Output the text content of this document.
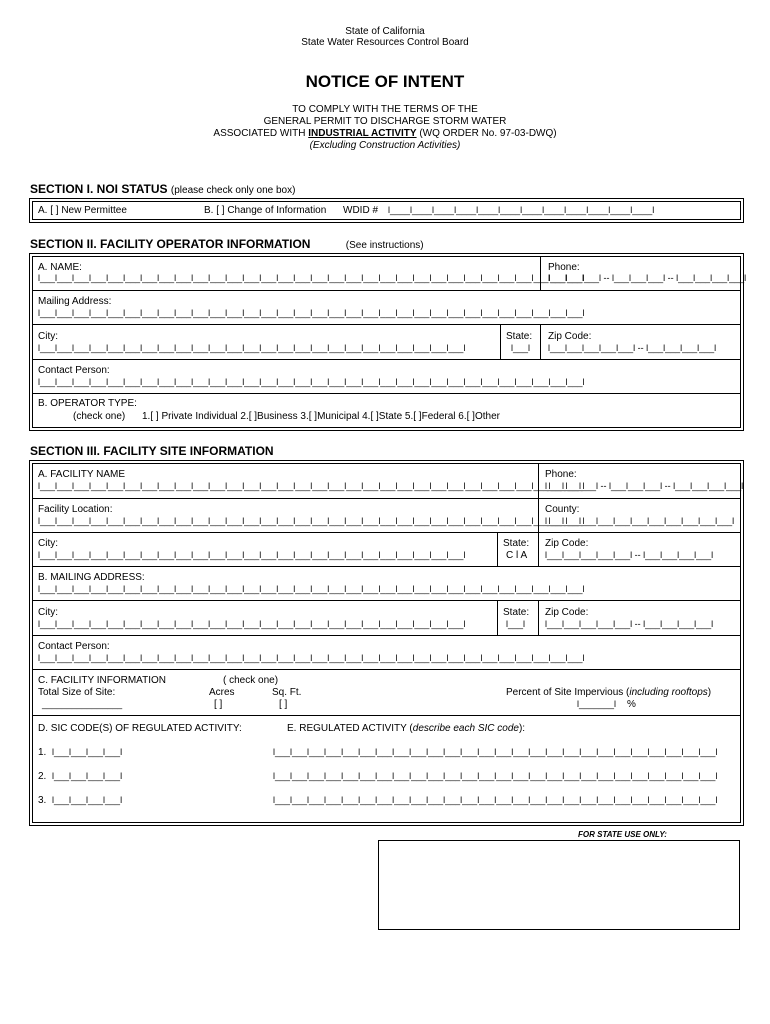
State of California
State Water Resources Control Board
NOTICE OF INTENT
TO COMPLY WITH THE TERMS OF THE
GENERAL PERMIT TO DISCHARGE STORM WATER
ASSOCIATED WITH INDUSTRIAL ACTIVITY (WQ ORDER No. 97-03-DWQ)
(Excluding Construction Activities)
SECTION I. NOI STATUS (please check only one box)
A. [ ] New Permittee	B. [ ] Change of Information WDID # l____l____l____l____l____l____l____l____l____l____l____l____l
SECTION II. FACILITY OPERATOR INFORMATION	(See instructions)
A. NAME:
l___l___l___l___l___l___l___l___l___l___l___l___l___l___l___l___l___l___l___l___l___l___l___l___l___l___l___l___l___l___l___l___l
Phone:
l___l___l___l -- l___l___l___l -- l___l___l___l___l
Mailing Address:
l___l___l___l___l___l___l___l___l___l___l___l___l___l___l___l___l___l___l___l___l___l___l___l___l___l___l___l___l___l___l___l___l
City:
l___l___l___l___l___l___l___l___l___l___l___l___l___l___l___l___l___l___l___l___l___l___l___l___l___l
State:
l___l
Zip Code:
l___l___l___l___l___l -- l___l___l___l___l
Contact Person:
l___l___l___l___l___l___l___l___l___l___l___l___l___l___l___l___l___l___l___l___l___l___l___l___l___l___l___l___l___l___l___l___l
B. OPERATOR TYPE:
(check one) 1.[ ] Private Individual 2.[ ]Business 3.[ ]Municipal 4.[ ]State 5.[ ]Federal 6.[ ]Other
SECTION III. FACILITY SITE INFORMATION
A. FACILITY NAME
l___l___l___l___l___l___l___l___l___l___l___l___l___l___l___l___l___l___l___l___l___l___l___l___l___l___l___l___l___l___l___l___l
Phone:
l___l___l___l -- l___l___l___l -- l___l___l___l___l
Facility Location:
l___l___l___l___l___l___l___l___l___l___l___l___l___l___l___l___l___l___l___l___l___l___l___l___l___l___l___l___l___l___l___l___l
County:
l___l___l___l___l___l___l___l___l___l___l___l
City:
l___l___l___l___l___l___l___l___l___l___l___l___l___l___l___l___l___l___l___l___l___l___l___l___l___l
State:
C l A
Zip Code:
l___l___l___l___l___l -- l___l___l___l___l
B. MAILING ADDRESS:
l___l___l___l___l___l___l___l___l___l___l___l___l___l___l___l___l___l___l___l___l___l___l___l___l___l___l___l___l___l___l___l___l
City:
l___l___l___l___l___l___l___l___l___l___l___l___l___l___l___l___l___l___l___l___l___l___l___l___l___l
State:
l___l
Zip Code:
l___l___l___l___l___l -- l___l___l___l___l
Contact Person:
l___l___l___l___l___l___l___l___l___l___l___l___l___l___l___l___l___l___l___l___l___l___l___l___l___l___l___l___l___l___l___l___l
C. FACILITY INFORMATION	( check one)
Total Size of Site:
________________
Acres
[ ]
Sq. Ft.
[ ]
Percent of Site Impervious (including rooftops)
l_______l %
D. SIC CODE(S) OF REGULATED ACTIVITY:	E. REGULATED ACTIVITY (describe each SIC code):
1. l___l___l___l___l	l___l___l___l___l___l___l___l___l___l___l___l___l___l___l___l___l___l___l___l___l___l___l___l___l___l___l
2. l___l___l___l___l	l___l___l___l___l___l___l___l___l___l___l___l___l___l___l___l___l___l___l___l___l___l___l___l___l___l___l
3. l___l___l___l___l	l___l___l___l___l___l___l___l___l___l___l___l___l___l___l___l___l___l___l___l___l___l___l___l___l___l___l
FOR STATE USE ONLY:
